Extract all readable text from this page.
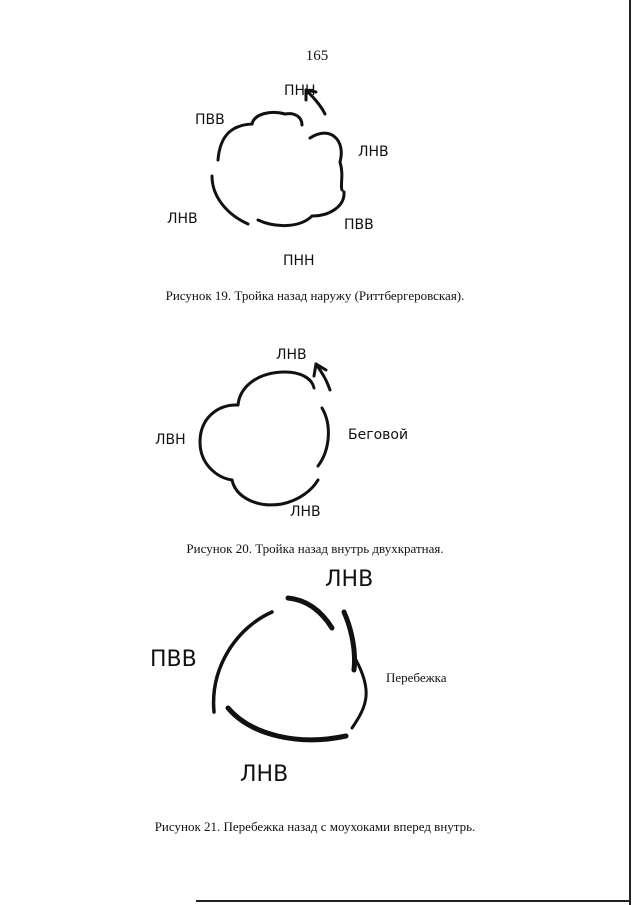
165
ПНН
ПВВ
ЛНВ
ЛНВ	ПВВ
ПНН
Рисунок 19. Тройка назад наружу (Риттбергеровская).
ЛНВ
ЛВН	Беговой
ЛНВ
Рисунок 20. Тройка назад внутрь двухкратная.
ЛНВ
ПВВ
Перебежка
ЛНВ
Рисунок 21. Перебежка назад с моухоками вперед внутрь.
